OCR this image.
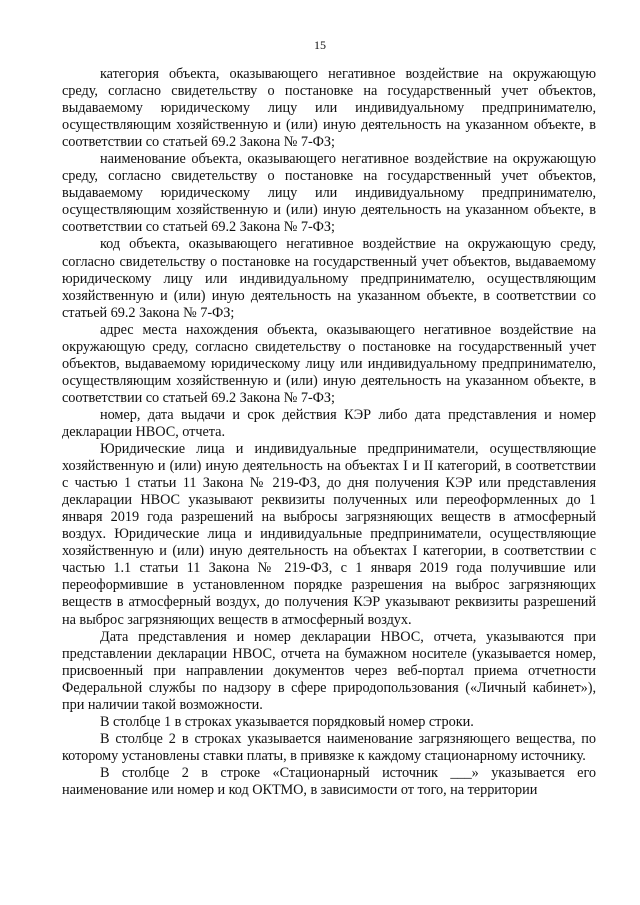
15

категория объекта, оказывающего негативное воздействие на окружающую среду, согласно свидетельству о постановке на государственный учет объектов, выдаваемому юридическому лицу или индивидуальному предпринимателю, осуществляющим хозяйственную и (или) иную деятельность на указанном объекте, в соответствии со статьей 69.2 Закона № 7-ФЗ;

наименование объекта, оказывающего негативное воздействие на окружающую среду, согласно свидетельству о постановке на государственный учет объектов, выдаваемому юридическому лицу или индивидуальному предпринимателю, осуществляющим хозяйственную и (или) иную деятельность на указанном объекте, в соответствии со статьей 69.2 Закона № 7-ФЗ;

код объекта, оказывающего негативное воздействие на окружающую среду, согласно свидетельству о постановке на государственный учет объектов, выдаваемому юридическому лицу или индивидуальному предпринимателю, осуществляющим хозяйственную и (или) иную деятельность на указанном объекте, в соответствии со статьей 69.2 Закона № 7-ФЗ;

адрес места нахождения объекта, оказывающего негативное воздействие на окружающую среду, согласно свидетельству о постановке на государственный учет объектов, выдаваемому юридическому лицу или индивидуальному предпринимателю, осуществляющим хозяйственную и (или) иную деятельность на указанном объекте, в соответствии со статьей 69.2 Закона № 7-ФЗ;

номер, дата выдачи и срок действия КЭР либо дата представления и номер декларации НВОС, отчета.

Юридические лица и индивидуальные предприниматели, осуществляющие хозяйственную и (или) иную деятельность на объектах I и II категорий, в соответствии с частью 1 статьи 11 Закона № 219-ФЗ, до дня получения КЭР или представления декларации НВОС указывают реквизиты полученных или переоформленных до 1 января 2019 года разрешений на выбросы загрязняющих веществ в атмосферный воздух. Юридические лица и индивидуальные предприниматели, осуществляющие хозяйственную и (или) иную деятельность на объектах I категории, в соответствии с частью 1.1 статьи 11 Закона № 219-ФЗ, с 1 января 2019 года получившие или переоформившие в установленном порядке разрешения на выброс загрязняющих веществ в атмосферный воздух, до получения КЭР указывают реквизиты разрешений на выброс загрязняющих веществ в атмосферный воздух.

Дата представления и номер декларации НВОС, отчета, указываются при представлении декларации НВОС, отчета на бумажном носителе (указывается номер, присвоенный при направлении документов через веб-портал приема отчетности Федеральной службы по надзору в сфере природопользования («Личный кабинет»), при наличии такой возможности.

В столбце 1 в строках указывается порядковый номер строки.

В столбце 2 в строках указывается наименование загрязняющего вещества, по которому установлены ставки платы, в привязке к каждому стационарному источнику.

В столбце 2 в строке «Стационарный источник ___» указывается его наименование или номер и код ОКТМО, в зависимости от того, на территории
